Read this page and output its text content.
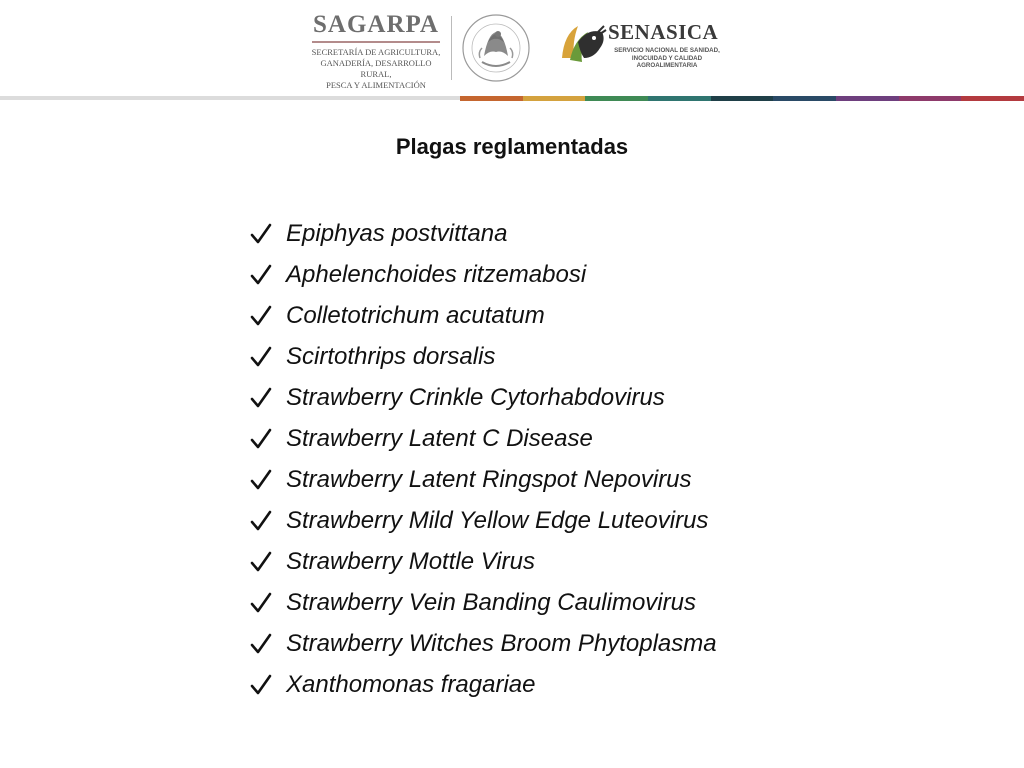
SAGARPA
SECRETARÍA DE AGRICULTURA,
GANADERÍA, DESARROLLO RURAL,
PESCA Y ALIMENTACIÓN
SENASICA
SERVICIO NACIONAL DE SANIDAD,
INOCUIDAD Y CALIDAD
AGROALIMENTARIA
Plagas reglamentadas
Epiphyas postvittana
Aphelenchoides ritzemabosi
Colletotrichum acutatum
Scirtothrips dorsalis
Strawberry Crinkle Cytorhabdovirus
Strawberry Latent C Disease
Strawberry Latent Ringspot Nepovirus
Strawberry Mild Yellow Edge Luteovirus
Strawberry Mottle Virus
Strawberry Vein Banding Caulimovirus
Strawberry Witches Broom Phytoplasma
Xanthomonas fragariae
